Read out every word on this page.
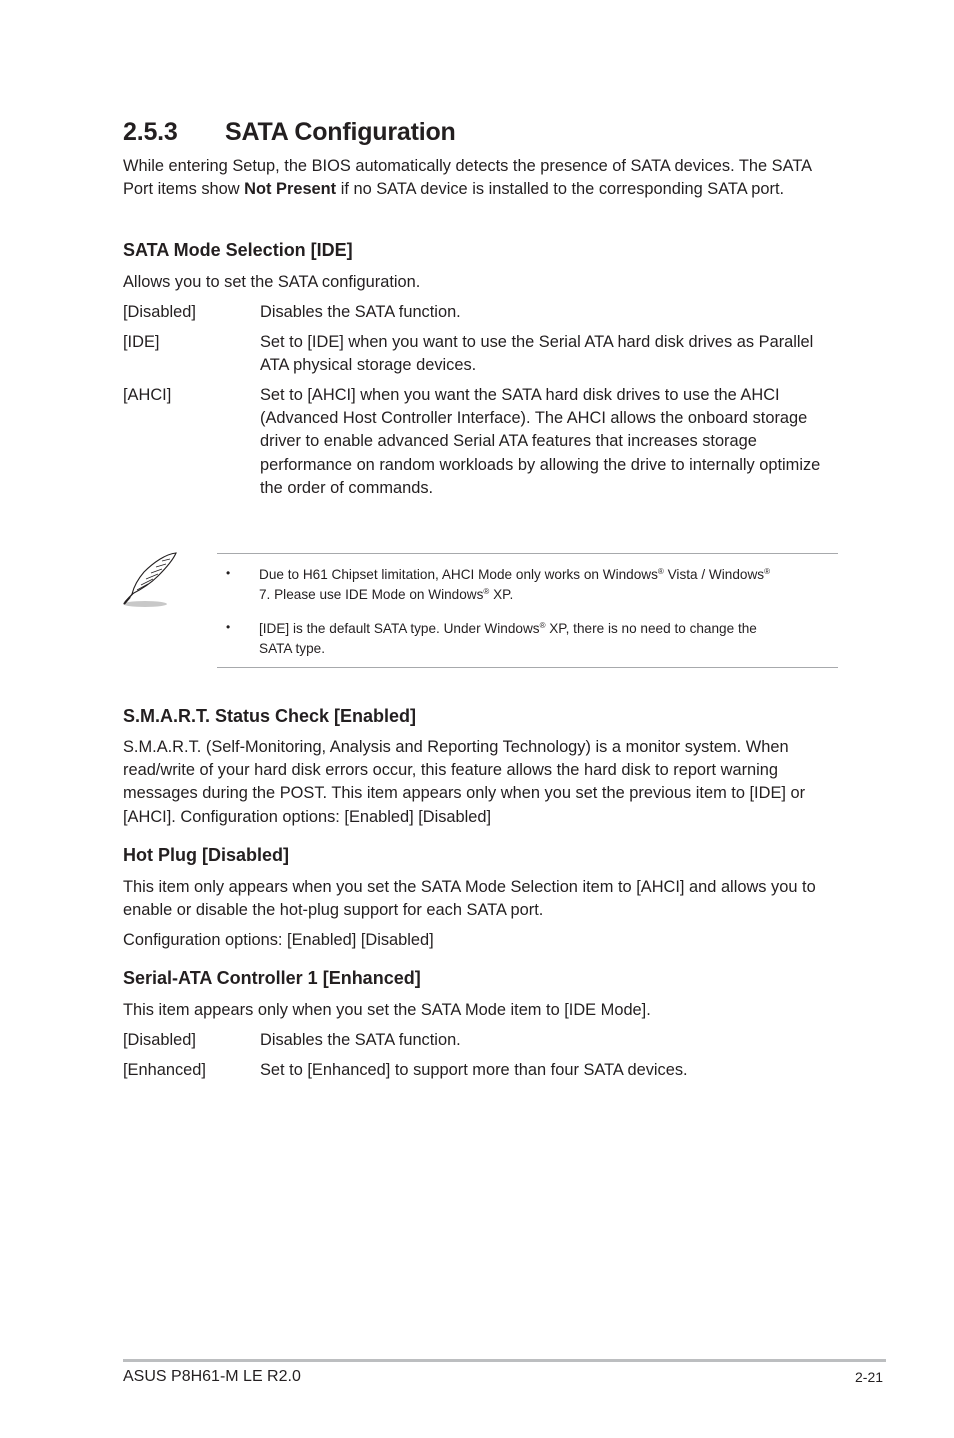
2.5.3 SATA Configuration
While entering Setup, the BIOS automatically detects the presence of SATA devices. The SATA Port items show Not Present if no SATA device is installed to the corresponding SATA port.
SATA Mode Selection [IDE]
Allows you to set the SATA configuration.
[Disabled]	Disables the SATA function.
[IDE]	Set to [IDE] when you want to use the Serial ATA hard disk drives as Parallel ATA physical storage devices.
[AHCI]	Set to [AHCI] when you want the SATA hard disk drives to use the AHCI (Advanced Host Controller Interface). The AHCI allows the onboard storage driver to enable advanced Serial ATA features that increases storage performance on random workloads by allowing the drive to internally optimize the order of commands.
• Due to H61 Chipset limitation, AHCI Mode only works on Windows® Vista / Windows®
7. Please use IDE Mode on Windows® XP.
• [IDE] is the default SATA type. Under Windows® XP, there is no need to change the
SATA type.
S.M.A.R.T. Status Check [Enabled]
S.M.A.R.T. (Self-Monitoring, Analysis and Reporting Technology) is a monitor system. When read/write of your hard disk errors occur, this feature allows the hard disk to report warning messages during the POST. This item appears only when you set the previous item to [IDE] or [AHCI]. Configuration options: [Enabled] [Disabled]
Hot Plug [Disabled]
This item only appears when you set the SATA Mode Selection item to [AHCI] and allows you to enable or disable the hot-plug support for each SATA port.
Configuration options: [Enabled] [Disabled]
Serial-ATA Controller 1 [Enhanced]
This item appears only when you set the SATA Mode item to [IDE Mode].
[Disabled]	Disables the SATA function.
[Enhanced]	Set to [Enhanced] to support more than four SATA devices.
ASUS P8H61-M LE R2.0	2-21
